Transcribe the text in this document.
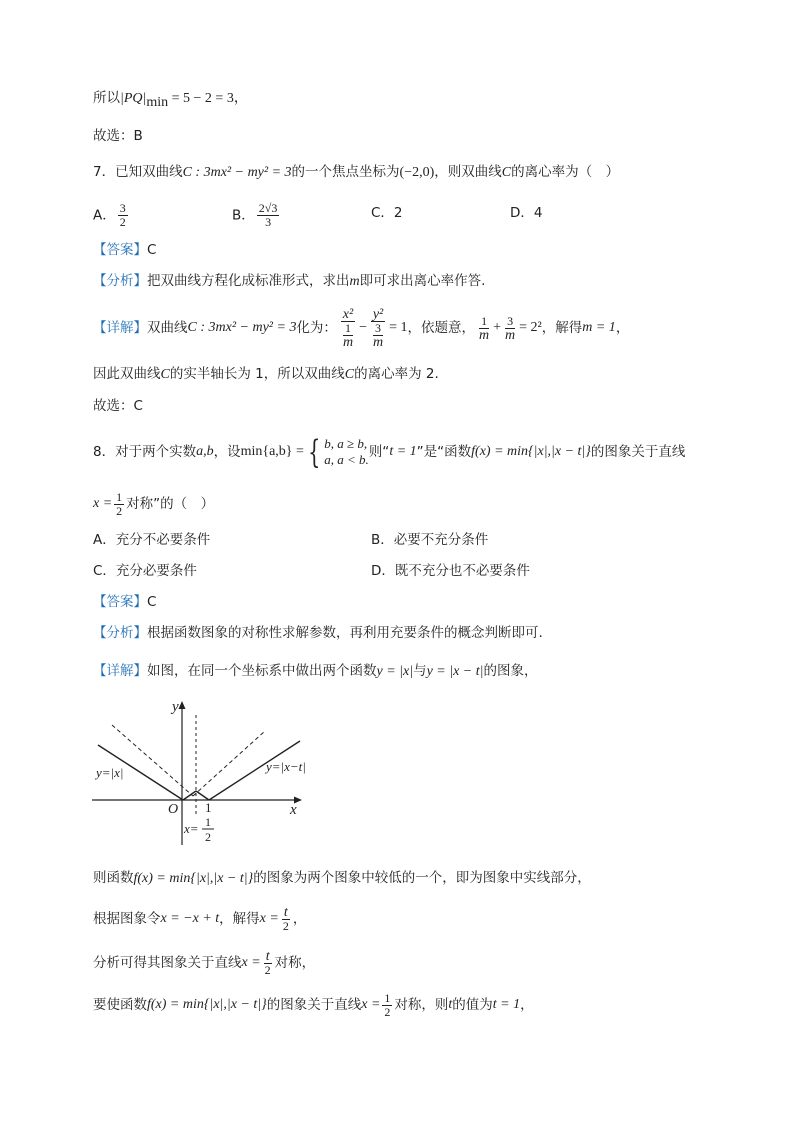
所以$|PQ|_{min} = 5 - 2 = 3$，
故选：B
7．已知双曲线C : 3mx² − my² = 3的一个焦点坐标为(−2,0)，则双曲线C的离心率为（　）
A． $\frac{3}{2}$	B． $\frac{2√3}{3}$	C．2	D．4
【答案】C
【分析】把双曲线方程化成标准形式，求出m即可求出离心率作答.
【详解】 双曲线 C : 3mx² − my² = 3 化为： $\frac{\text{x²}}{\frac{1}{m}} - \frac{\text{y²}}{\frac{3}{m}} = 1$ ，依题意， $\frac{1}{m} + \frac{3}{m} = 2^2$ ，解得 m = 1 ，
因此双曲线C的实半轴长为 1，所以双曲线C的离心率为 2.
故选：C
8．对于两个实数 a,b ，设 min{a,b} = { b, a ≥ b,
a, a < b. 则“ t = 1 ”是“函数 f(x) = min{|x|,|x − t|} 的图象关于直线
$x = \frac{1}{2}$ 对称”的（　）
A．充分不必要条件	B．必要不充分条件
C．充分必要条件	D．既不充分也不必要条件
【答案】C
【分析】根据函数图象的对称性求解参数，再利用充要条件的概念判断即可.
【详解】如图，在同一个坐标系中做出两个函数y = |x|与y = |x − t|的图象，
y
x
O 1
y=|x|	y=|x−t|
x= 1
2
则函数f(x) = min{|x|,|x − t|}的图象为两个图象中较低的一个，即为图象中实线部分，
根据图象令 x = −x + t ，解得 $x = \frac{t}{2}$ ，
分析可得其图象关于直线 $x = \frac{t}{2}$ 对称，
要使函数 f(x) = min{|x|,|x − t|} 的图象关于直线 $x = \frac{1}{2}$ 对称，则 t 的值为 t = 1 ，
